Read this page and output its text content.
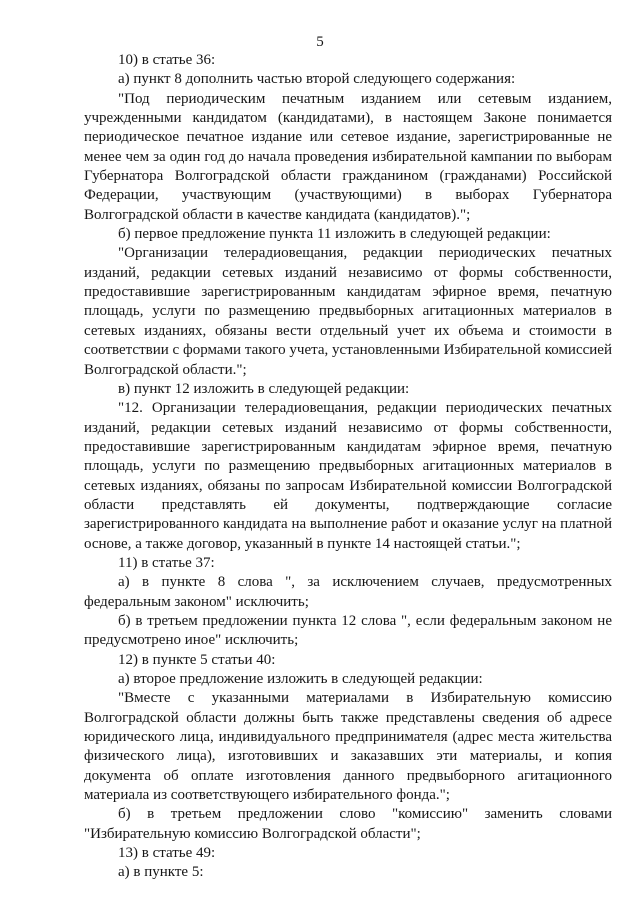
5

10) в статье 36:

а) пункт 8 дополнить частью второй следующего содержания:

"Под периодическим печатным изданием или сетевым изданием, учрежденными кандидатом (кандидатами), в настоящем Законе понимается периодическое печатное издание или сетевое издание, зарегистрированные не менее чем за один год до начала проведения избирательной кампании по выборам Губернатора Волгоградской области гражданином (гражданами) Российской Федерации, участвующим (участвующими) в выборах Губернатора Волгоградской области в качестве кандидата (кандидатов).";

б) первое предложение пункта 11 изложить в следующей редакции:

"Организации телерадиовещания, редакции периодических печатных изданий, редакции сетевых изданий независимо от формы собственности, предоставившие зарегистрированным кандидатам эфирное время, печатную площадь, услуги по размещению предвыборных агитационных материалов в сетевых изданиях, обязаны вести отдельный учет их объема и стоимости в соответствии с формами такого учета, установленными Избирательной комиссией Волгоградской области.";

в) пункт 12 изложить в следующей редакции:

"12. Организации телерадиовещания, редакции периодических печатных изданий, редакции сетевых изданий независимо от формы собственности, предоставившие зарегистрированным кандидатам эфирное время, печатную площадь, услуги по размещению предвыборных агитационных материалов в сетевых изданиях, обязаны по запросам Избирательной комиссии Волгоградской области представлять ей документы, подтверждающие согласие зарегистрированного кандидата на выполнение работ и оказание услуг на платной основе, а также договор, указанный в пункте 14 настоящей статьи.";

11) в статье 37:

а) в пункте 8 слова ", за исключением случаев, предусмотренных федеральным законом" исключить;

б) в третьем предложении пункта 12 слова ", если федеральным законом не предусмотрено иное" исключить;

12) в пункте 5 статьи 40:

а) второе предложение изложить в следующей редакции:

"Вместе с указанными материалами в Избирательную комиссию Волгоградской области должны быть также представлены сведения об адресе юридического лица, индивидуального предпринимателя (адрес места жительства физического лица), изготовивших и заказавших эти материалы, и копия документа об оплате изготовления данного предвыборного агитационного материала из соответствующего избирательного фонда.";

б) в третьем предложении слово "комиссию" заменить словами "Избирательную комиссию Волгоградской области";

13) в статье 49:

а) в пункте 5:
